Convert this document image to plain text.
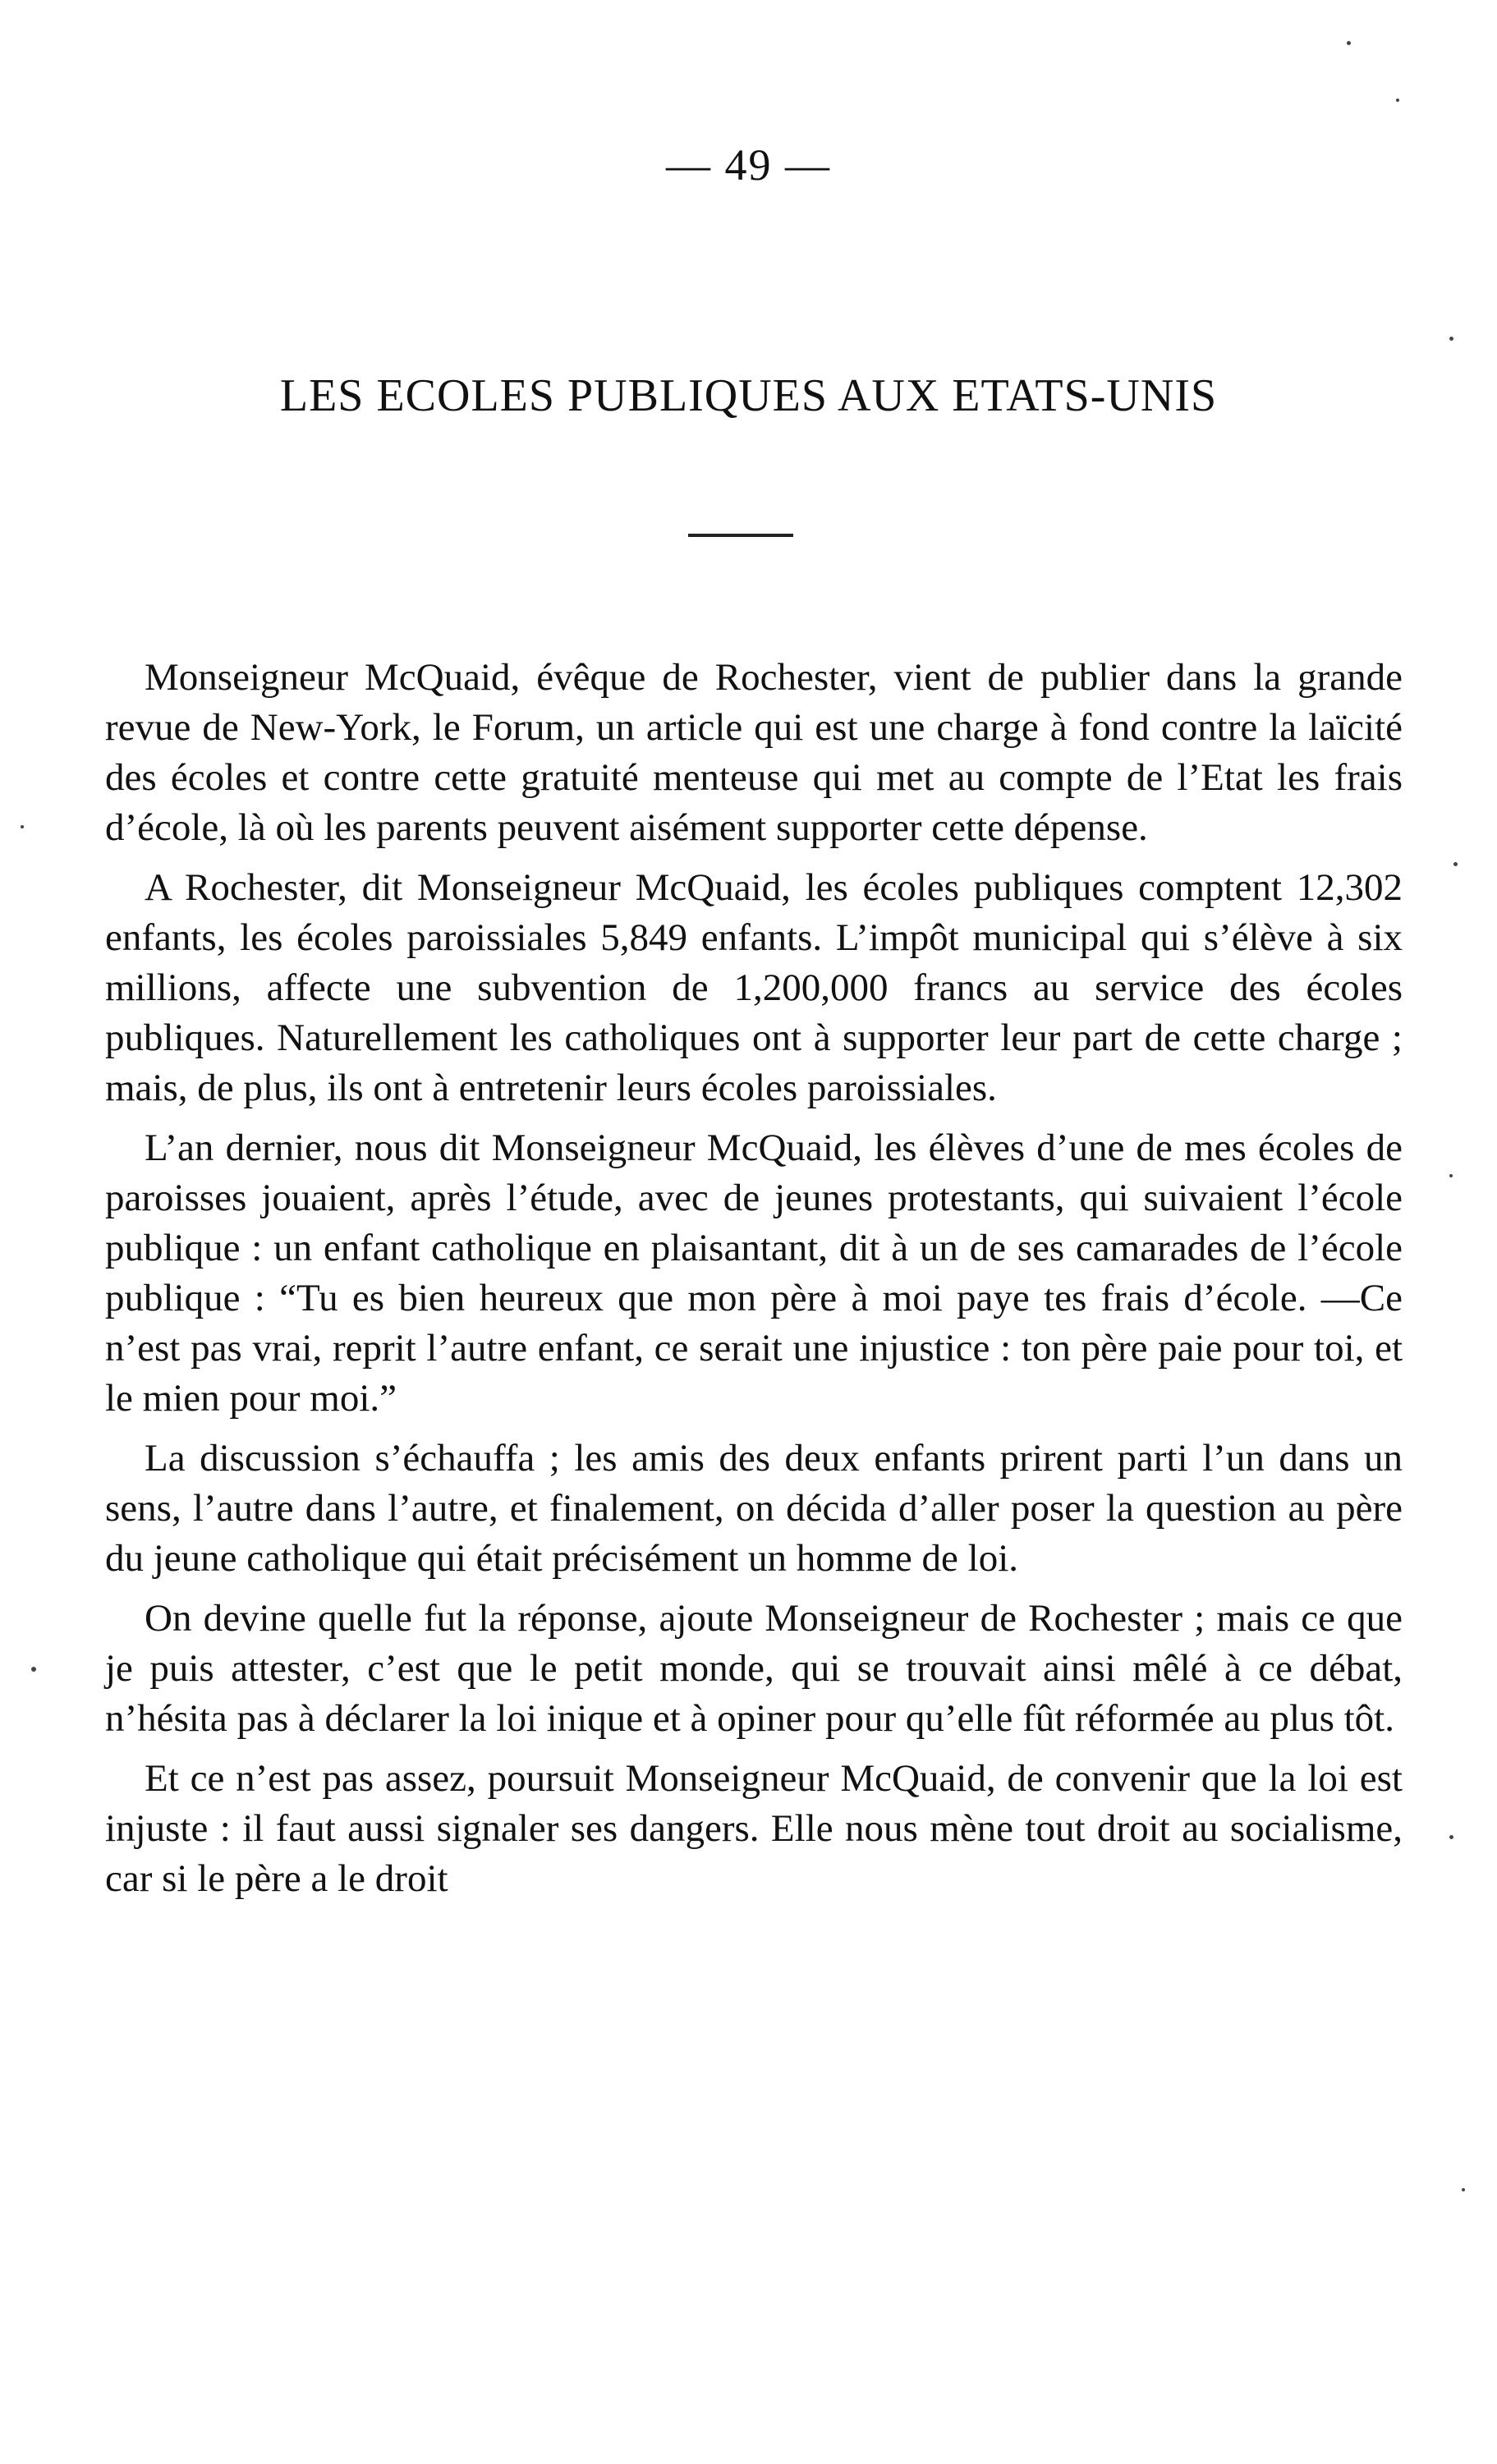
— 49 —
LES ECOLES PUBLIQUES AUX ETATS-UNIS

Monseigneur McQuaid, évêque de Rochester, vient de publier dans la grande revue de New-York, le Forum, un article qui est une charge à fond contre la laïcité des écoles et contre cette gratuité menteuse qui met au compte de l’Etat les frais d’école, là où les parents peuvent aisément supporter cette dépense.

A Rochester, dit Monseigneur McQuaid, les écoles publiques comptent 12,302 enfants, les écoles paroissiales 5,849 enfants. L’impôt municipal qui s’élève à six millions, affecte une subvention de 1,200,000 francs au service des écoles publiques. Naturellement les catholiques ont à supporter leur part de cette charge ; mais, de plus, ils ont à entretenir leurs écoles paroissiales.

L’an dernier, nous dit Monseigneur McQuaid, les élèves d’une de mes écoles de paroisses jouaient, après l’étude, avec de jeunes protestants, qui suivaient l’école publique : un enfant catholique en plaisantant, dit à un de ses camarades de l’école publique : “Tu es bien heureux que mon père à moi paye tes frais d’école. —Ce n’est pas vrai, reprit l’autre enfant, ce serait une injustice : ton père paie pour toi, et le mien pour moi.”

La discussion s’échauffa ; les amis des deux enfants prirent parti l’un dans un sens, l’autre dans l’autre, et finalement, on décida d’aller poser la question au père du jeune catholique qui était précisément un homme de loi.

On devine quelle fut la réponse, ajoute Monseigneur de Rochester ; mais ce que je puis attester, c’est que le petit monde, qui se trouvait ainsi mêlé à ce débat, n’hésita pas à déclarer la loi inique et à opiner pour qu’elle fût réformée au plus tôt.

Et ce n’est pas assez, poursuit Monseigneur McQuaid, de convenir que la loi est injuste : il faut aussi signaler ses dangers. Elle nous mène tout droit au socialisme, car si le père a le droit
